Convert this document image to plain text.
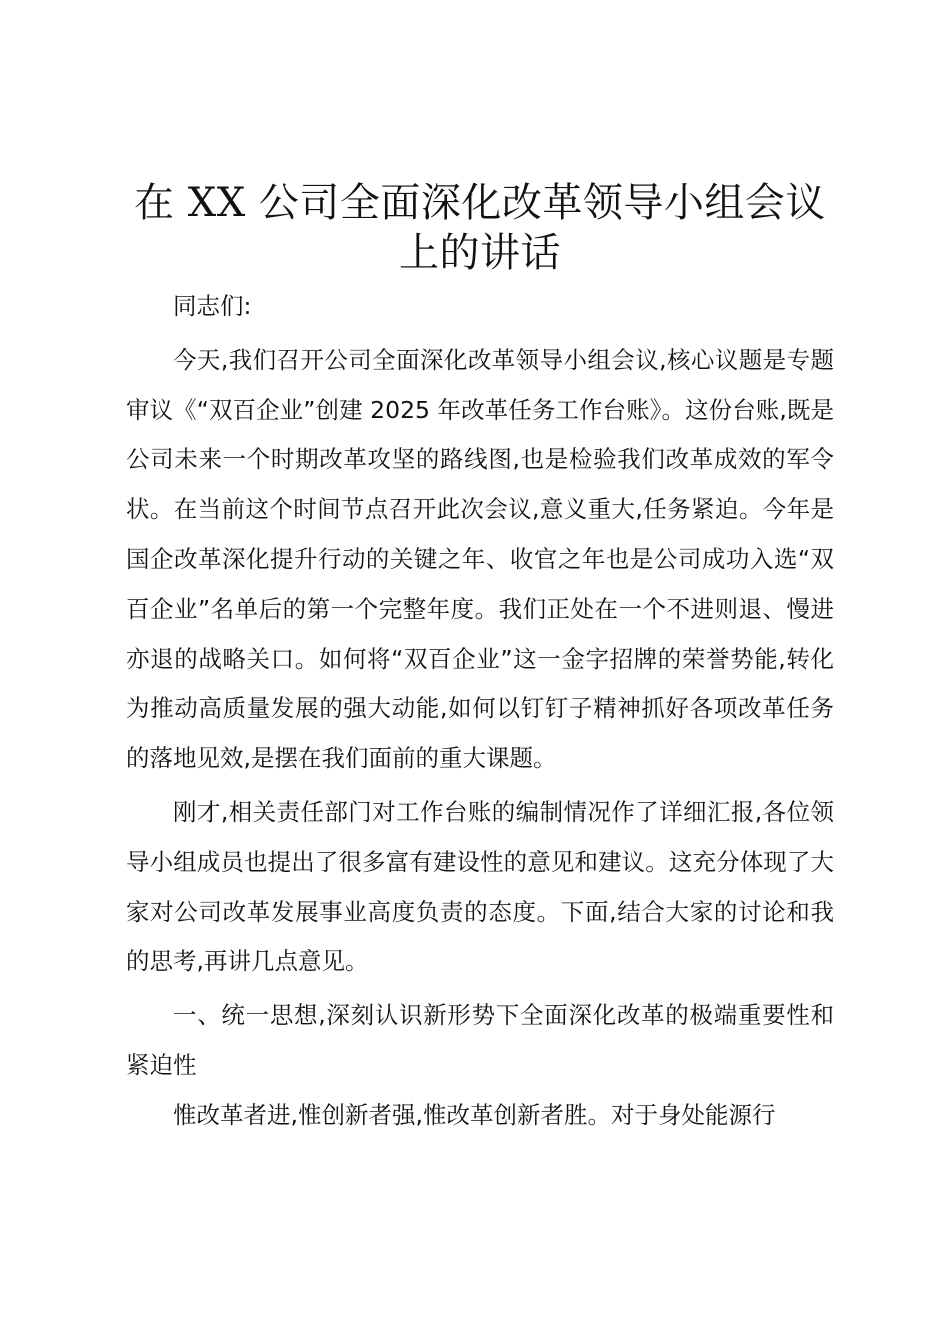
在 XX 公司全面深化改革领导小组会议
上的讲话

同志们:

今天,我们召开公司全面深化改革领导小组会议,核心议题是专题审议《“双百企业”创建 2025 年改革任务工作台账》。这份台账,既是公司未来一个时期改革攻坚的路线图,也是检验我们改革成效的军令状。在当前这个时间节点召开此次会议,意义重大,任务紧迫。今年是国企改革深化提升行动的关键之年、收官之年也是公司成功入选“双百企业”名单后的第一个完整年度。我们正处在一个不进则退、慢进亦退的战略关口。如何将“双百企业”这一金字招牌的荣誉势能,转化为推动高质量发展的强大动能,如何以钉钉子精神抓好各项改革任务的落地见效,是摆在我们面前的重大课题。

刚才,相关责任部门对工作台账的编制情况作了详细汇报,各位领导小组成员也提出了很多富有建设性的意见和建议。这充分体现了大家对公司改革发展事业高度负责的态度。下面,结合大家的讨论和我的思考,再讲几点意见。

一、统一思想,深刻认识新形势下全面深化改革的极端重要性和紧迫性

惟改革者进,惟创新者强,惟改革创新者胜。对于身处能源行
